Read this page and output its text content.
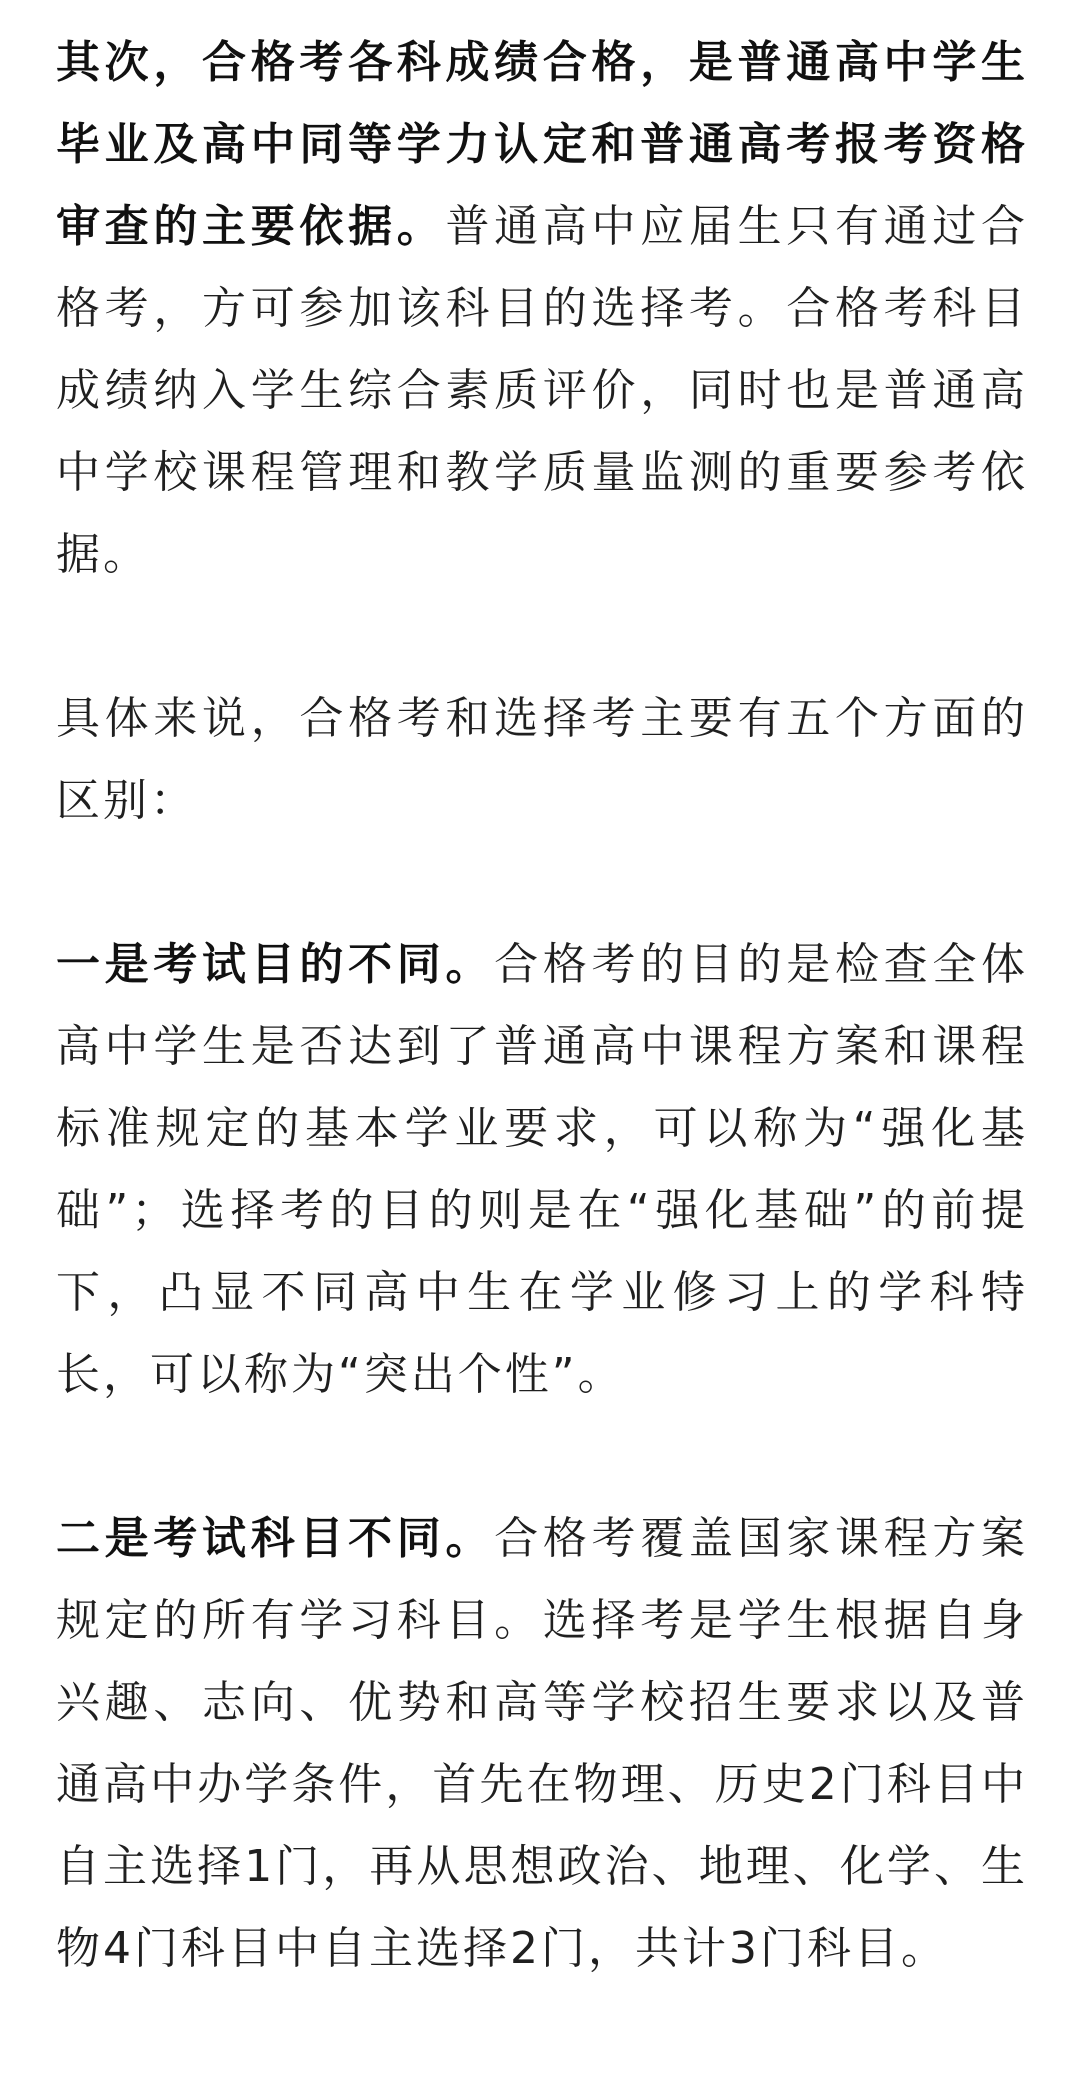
其次，合格考各科成绩合格，是普通高中学生毕业及高中同等学力认定和普通高考报考资格审查的主要依据。普通高中应届生只有通过合格考，方可参加该科目的选择考。合格考科目成绩纳入学生综合素质评价，同时也是普通高中学校课程管理和教学质量监测的重要参考依据。

具体来说，合格考和选择考主要有五个方面的区别：

一是考试目的不同。合格考的目的是检查全体高中学生是否达到了普通高中课程方案和课程标准规定的基本学业要求，可以称为“强化基础”；选择考的目的则是在“强化基础”的前提下，凸显不同高中生在学业修习上的学科特长，可以称为“突出个性”。

二是考试科目不同。合格考覆盖国家课程方案规定的所有学习科目。选择考是学生根据自身兴趣、志向、优势和高等学校招生要求以及普通高中办学条件，首先在物理、历史2门科目中自主选择1门，再从思想政治、地理、化学、生物4门科目中自主选择2门，共计3门科目。
